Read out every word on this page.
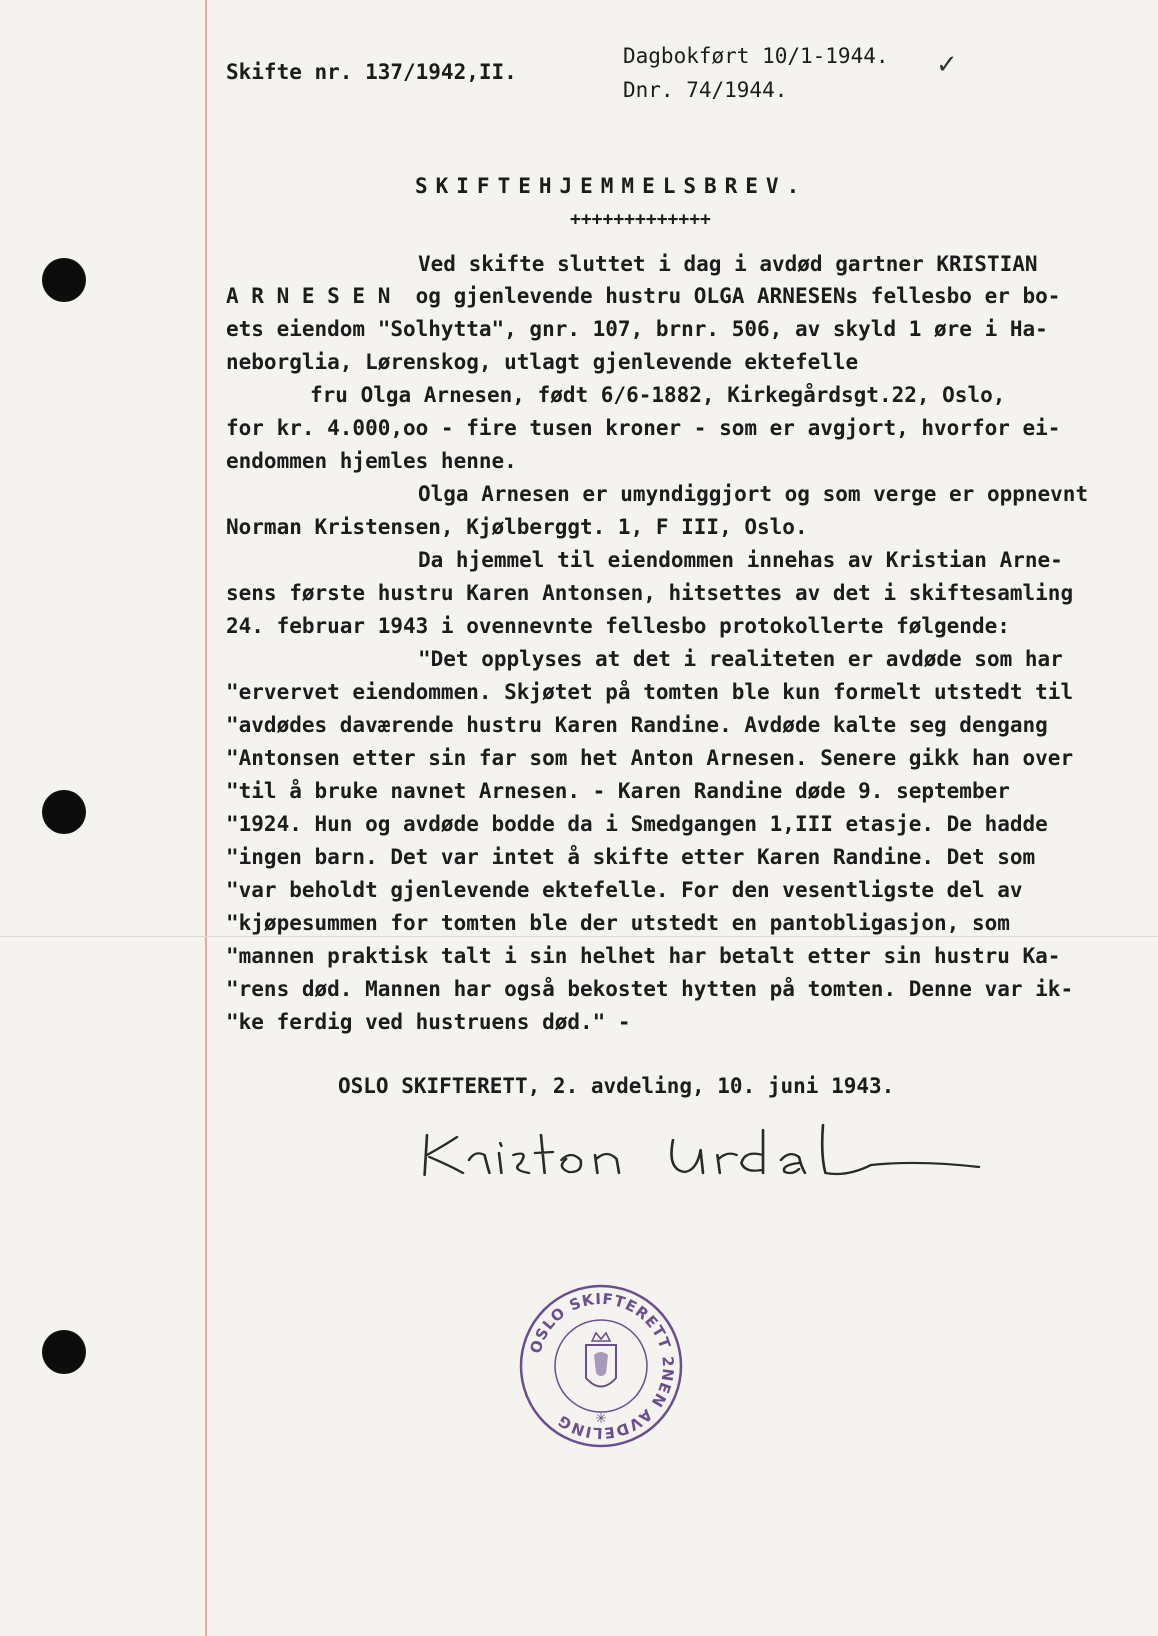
Skifte nr. 137/1942,II.
Dagbokført 10/1-1944.
Dnr. 74/1944.
✓
SKIFTEHJEMMELSBREV.
+++++++++++++
Ved skifte sluttet i dag i avdød gartner KRISTIAN
A R N E S E N  og gjenlevende hustru OLGA ARNESENs fellesbo er bo-
ets eiendom "Solhytta", gnr. 107, brnr. 506, av skyld 1 øre i Ha-
neborglia, Lørenskog, utlagt gjenlevende ektefelle
fru Olga Arnesen, født 6/6-1882, Kirkegårdsgt.22, Oslo,
for kr. 4.000,oo - fire tusen kroner - som er avgjort, hvorfor ei-
endommen hjemles henne.
Olga Arnesen er umyndiggjort og som verge er oppnevnt
Norman Kristensen, Kjølberggt. 1, F III, Oslo.
Da hjemmel til eiendommen innehas av Kristian Arne-
sens første hustru Karen Antonsen, hitsettes av det i skiftesamling
24. februar 1943 i ovennevnte fellesbo protokollerte følgende:
"Det opplyses at det i realiteten er avdøde som har
"ervervet eiendommen. Skjøtet på tomten ble kun formelt utstedt til
"avdødes daværende hustru Karen Randine. Avdøde kalte seg dengang
"Antonsen etter sin far som het Anton Arnesen. Senere gikk han over
"til å bruke navnet Arnesen. - Karen Randine døde 9. september
"1924. Hun og avdøde bodde da i Smedgangen 1,III etasje. De hadde
"ingen barn. Det var intet å skifte etter Karen Randine. Det som
"var beholdt gjenlevende ektefelle. For den vesentligste del av
"kjøpesummen for tomten ble der utstedt en pantobligasjon, som
"mannen praktisk talt i sin helhet har betalt etter sin hustru Ka-
"rens død. Mannen har også bekostet hytten på tomten. Denne var ik-
"ke ferdig ved hustruens død." -
OSLO SKIFTERETT, 2. avdeling, 10. juni 1943.
OSLO SKIFTERETT 2NEN AVDELING	✳
